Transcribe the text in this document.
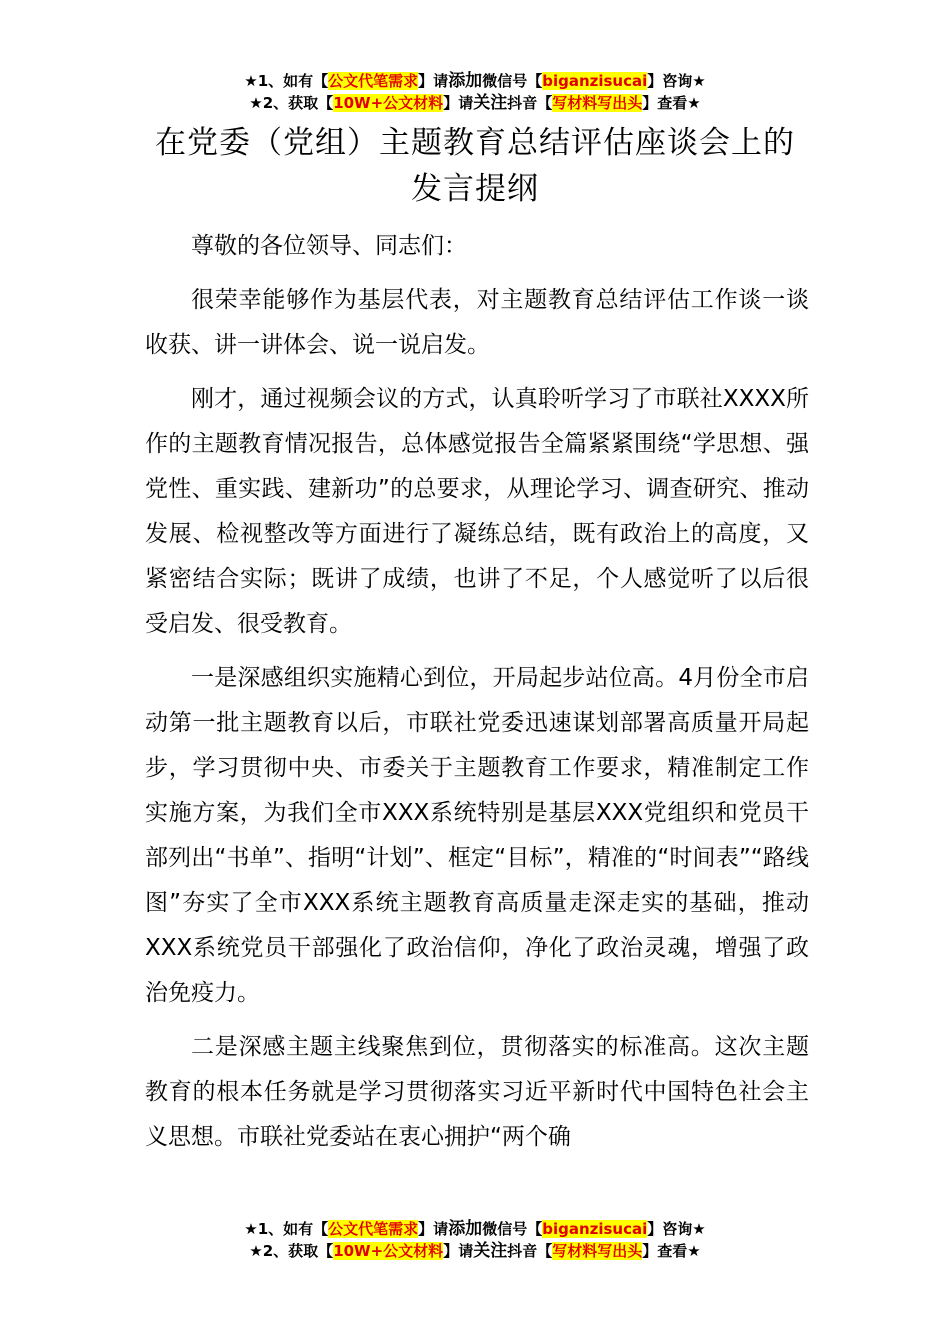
★1、如有【公文代笔需求】请添加微信号【biganzisucai】咨询★
★2、获取【10W+公文材料】请关注抖音【写材料写出头】查看★
在党委（党组）主题教育总结评估座谈会上的发言提纲

尊敬的各位领导、同志们：

很荣幸能够作为基层代表，对主题教育总结评估工作谈一谈收获、讲一讲体会、说一说启发。

刚才，通过视频会议的方式，认真聆听学习了市联社XXXX所作的主题教育情况报告，总体感觉报告全篇紧紧围绕“学思想、强党性、重实践、建新功”的总要求，从理论学习、调查研究、推动发展、检视整改等方面进行了凝练总结，既有政治上的高度，又紧密结合实际；既讲了成绩，也讲了不足，个人感觉听了以后很受启发、很受教育。

一是深感组织实施精心到位，开局起步站位高。4月份全市启动第一批主题教育以后，市联社党委迅速谋划部署高质量开局起步，学习贯彻中央、市委关于主题教育工作要求，精准制定工作实施方案，为我们全市XXX系统特别是基层XXX党组织和党员干部列出“书单”、指明“计划”、框定“目标”，精准的“时间表”“路线图”夯实了全市XXX系统主题教育高质量走深走实的基础，推动XXX系统党员干部强化了政治信仰，净化了政治灵魂，增强了政治免疫力。

二是深感主题主线聚焦到位，贯彻落实的标准高。这次主题教育的根本任务就是学习贯彻落实习近平新时代中国特色社会主义思想。市联社党委站在衷心拥护“两个确

★1、如有【公文代笔需求】请添加微信号【biganzisucai】咨询★
★2、获取【10W+公文材料】请关注抖音【写材料写出头】查看★
